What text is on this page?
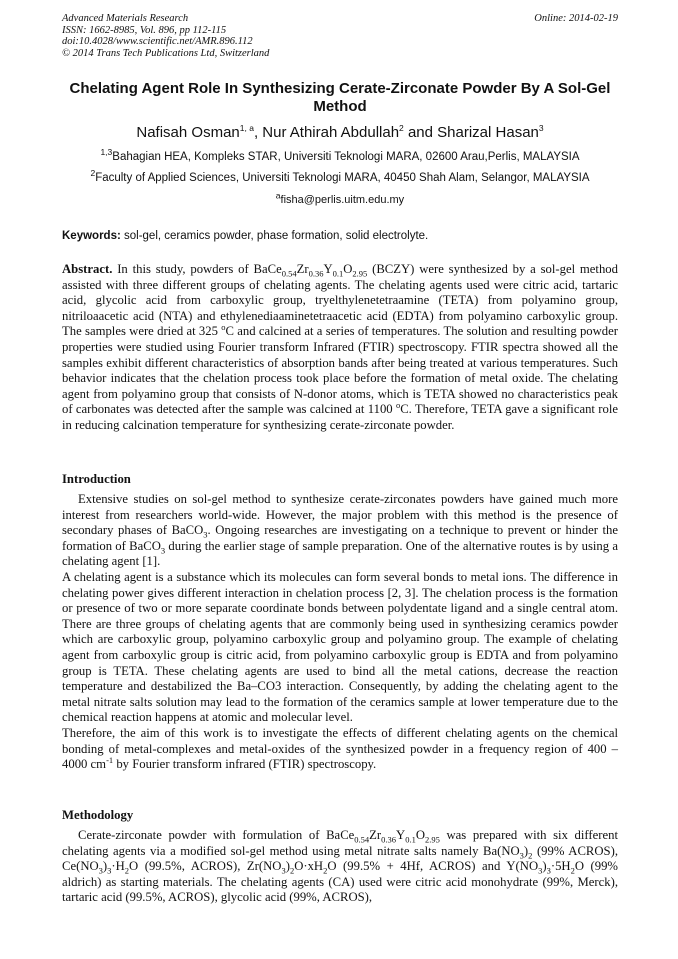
Advanced Materials Research
ISSN: 1662-8985, Vol. 896, pp 112-115
doi:10.4028/www.scientific.net/AMR.896.112
© 2014 Trans Tech Publications Ltd, Switzerland
Online: 2014-02-19
Chelating Agent Role In Synthesizing Cerate-Zirconate Powder By A Sol-Gel Method
Nafisah Osman$^{1, a}$, Nur Athirah Abdullah$^2$ and Sharizal Hasan$^3$
$^{1,3}$Bahagian HEA, Kompleks STAR, Universiti Teknologi MARA, 02600 Arau,Perlis, MALAYSIA
$^2$Faculty of Applied Sciences, Universiti Teknologi MARA, 40450 Shah Alam, Selangor, MALAYSIA
$^a$fisha@perlis.uitm.edu.my
Keywords: sol-gel, ceramics powder, phase formation, solid electrolyte.

Abstract. In this study, powders of $BaCe_{0.54}Zr_{0.36}Y_{0.1}O_{2.95}$ (BCZY) were synthesized by a sol-gel method assisted with three different groups of chelating agents. The chelating agents used were citric acid, tartaric acid, glycolic acid from carboxylic group, tryelthylenetetraamine (TETA) from polyamino group, nitriloaacetic acid (NTA) and ethylenediaaminetetraacetic acid (EDTA) from polyamino carboxylic group. The samples were dried at 325 $^o$C and calcined at a series of temperatures. The solution and resulting powder properties were studied using Fourier transform Infrared (FTIR) spectroscopy. FTIR spectra showed all the samples exhibit different characteristics of absorption bands after being treated at various temperatures. Such behavior indicates that the chelation process took place before the formation of metal oxide. The chelating agent from polyamino group that consists of N-donor atoms, which is TETA showed no characteristics peak of carbonates was detected after the sample was calcined at 1100 $^o$C. Therefore, TETA gave a significant role in reducing calcination temperature for synthesizing cerate-zirconate powder.

Introduction

Extensive studies on sol-gel method to synthesize cerate-zirconates powders have gained much more interest from researchers world-wide. However, the major problem with this method is the presence of secondary phases of BaCO$_3$. Ongoing researches are investigating on a technique to prevent or hinder the formation of BaCO$_3$ during the earlier stage of sample preparation. One of the alternative routes is by using a chelating agent [1].

A chelating agent is a substance which its molecules can form several bonds to metal ions. The difference in chelating power gives different interaction in chelation process [2, 3]. The chelation process is the formation or presence of two or more separate coordinate bonds between polydentate ligand and a single central atom. There are three groups of chelating agents that are commonly being used in synthesizing ceramics powder which are carboxylic group, polyamino carboxylic group and polyamino group. The example of chelating agent from carboxylic group is citric acid, from polyamino carboxylic group is EDTA and from polyamino group is TETA. These chelating agents are used to bind all the metal cations, decrease the reaction temperature and destabilized the Ba–CO3 interaction. Consequently, by adding the chelating agent to the metal nitrate salts solution may lead to the formation of the ceramics sample at lower temperature due to the chemical reaction happens at atomic and molecular level.

Therefore, the aim of this work is to investigate the effects of different chelating agents on the chemical bonding of metal-complexes and metal-oxides of the synthesized powder in a frequency region of 400 – 4000 $cm^{-1}$ by Fourier transform infrared (FTIR) spectroscopy.

Methodology

Cerate-zirconate powder with formulation of $BaCe_{0.54}Zr_{0.36}Y_{0.1}O_{2.95}$ was prepared with six different chelating agents via a modified sol-gel method using metal nitrate salts namely $Ba(NO_3)_2$ (99% ACROS), $Ce(NO_3)_3\cdot H_2O$ (99.5%, ACROS), $Zr(NO_3)_2O\cdot xH_2O$ (99.5% + 4Hf, ACROS) and $Y(NO_3)_3\cdot 5H_2O$ (99% aldrich) as starting materials. The chelating agents (CA) used were citric acid monohydrate (99%, Merck), tartaric acid (99.5%, ACROS), glycolic acid (99%, ACROS),
